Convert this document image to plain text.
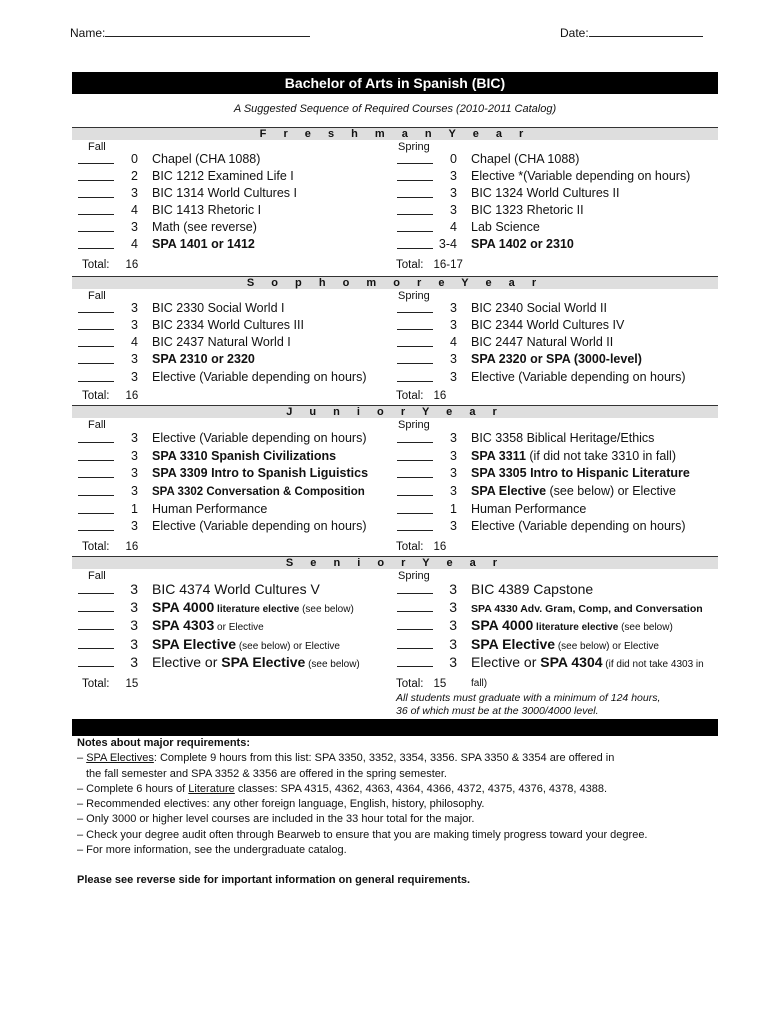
Name:	Date:
Bachelor of Arts in Spanish (BIC)
A Suggested Sequence of Required Courses (2010-2011 Catalog)
F r e s h m a n Y e a r
Fall	Spring
0 Chapel (CHA 1088)
2 BIC 1212 Examined Life I
3 BIC 1314 World Cultures I
4 BIC 1413 Rhetoric I
3 Math (see reverse)
4 SPA 1401 or 1412
Total: 16
0 Chapel (CHA 1088)
3 Elective *(Variable depending on hours)
3 BIC 1324 World Cultures II
3 BIC 1323 Rhetoric II
4 Lab Science
3-4 SPA 1402 or 2310
Total: 16-17
S o p h o m o r e Y e a r
Fall	Spring
3 BIC 2330 Social World I
3 BIC 2334 World Cultures III
4 BIC 2437 Natural World I
3 SPA 2310 or 2320
3 Elective (Variable depending on hours)
Total: 16
3 BIC 2340 Social World II
3 BIC 2344 World Cultures IV
4 BIC 2447 Natural World II
3 SPA 2320 or SPA (3000-level)
3 Elective (Variable depending on hours)
Total: 16
J u n i o r Y e a r
Fall	Spring
3 Elective (Variable depending on hours)
3 SPA 3310 Spanish Civilizations
3 SPA 3309 Intro to Spanish Liguistics
3 SPA 3302 Conversation & Composition
1 Human Performance
3 Elective (Variable depending on hours)
Total: 16
3 BIC 3358 Biblical Heritage/Ethics
3 SPA 3311 (if did not take 3310 in fall)
3 SPA 3305 Intro to Hispanic Literature
3 SPA Elective (see below) or Elective
1 Human Performance
3 Elective (Variable depending on hours)
Total: 16
S e n i o r Y e a r
Fall	Spring
3 BIC 4374 World Cultures V
3 SPA 4000 literature elective (see below)
3 SPA 4303 or Elective
3 SPA Elective (see below) or Elective
3 Elective or SPA Elective (see below)
Total: 15
3 BIC 4389 Capstone
3 SPA 4330 Adv. Gram, Comp, and Conversation
3 SPA 4000 literature elective (see below)
3 SPA Elective (see below) or Elective
3 Elective or SPA 4304 (if did not take 4303 in fall)
Total: 15
All students must graduate with a minimum of 124 hours,
36 of which must be at the 3000/4000 level.
Notes about major requirements:
– SPA Electives: Complete 9 hours from this list: SPA 3350, 3352, 3354, 3356. SPA 3350 & 3354 are offered in
the fall semester and SPA 3352 & 3356 are offered in the spring semester.
– Complete 6 hours of Literature classes: SPA 4315, 4362, 4363, 4364, 4366, 4372, 4375, 4376, 4378, 4388.
– Recommended electives: any other foreign language, English, history, philosophy.
– Only 3000 or higher level courses are included in the 33 hour total for the major.
– Check your degree audit often through Bearweb to ensure that you are making timely progress toward your degree.
– For more information, see the undergraduate catalog.
Please see reverse side for important information on general requirements.
